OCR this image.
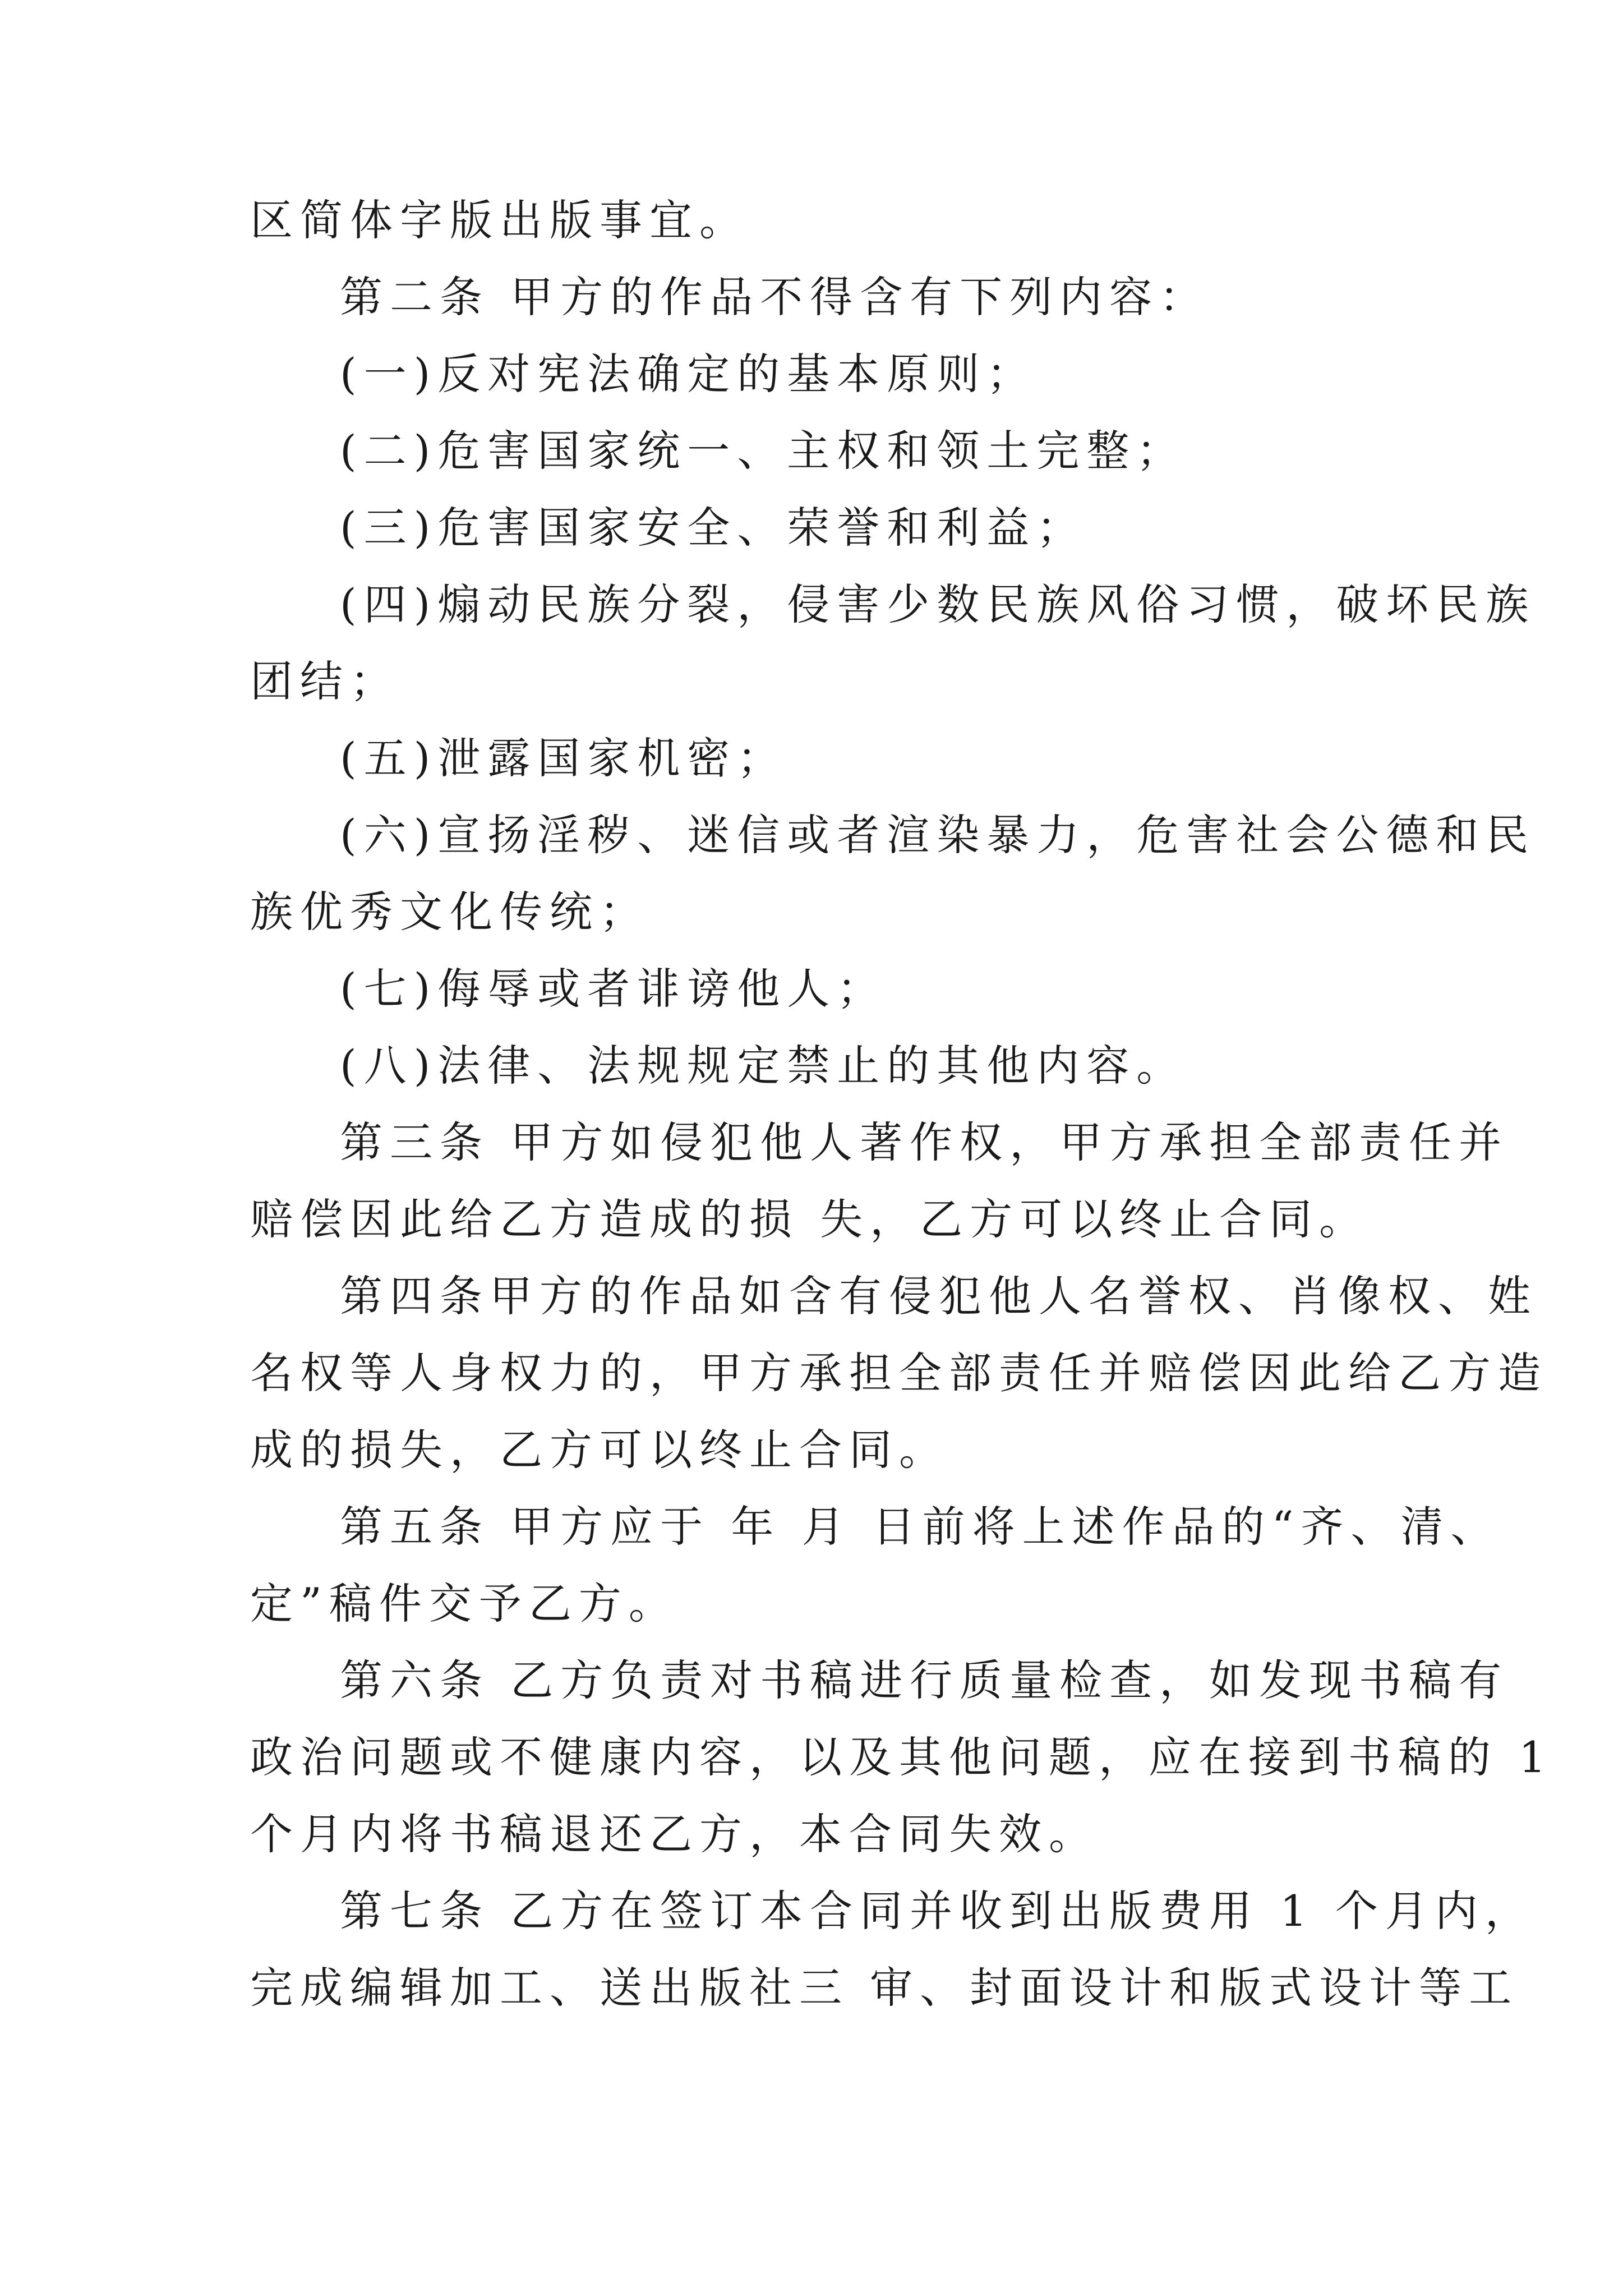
区简体字版出版事宜。
第二条 甲方的作品不得含有下列内容：
(一)反对宪法确定的基本原则；
(二)危害国家统一、主权和领土完整；
(三)危害国家安全、荣誉和利益；
(四)煽动民族分裂，侵害少数民族风俗习惯，破坏民族
团结；
(五)泄露国家机密；
(六)宣扬淫秽、迷信或者渲染暴力，危害社会公德和民
族优秀文化传统；
(七)侮辱或者诽谤他人；
(八)法律、法规规定禁止的其他内容。
第三条 甲方如侵犯他人著作权，甲方承担全部责任并
赔偿因此给乙方造成的损 失，乙方可以终止合同。
第四条甲方的作品如含有侵犯他人名誉权、肖像权、姓
名权等人身权力的，甲方承担全部责任并赔偿因此给乙方造
成的损失，乙方可以终止合同。
第五条 甲方应于 年 月 日前将上述作品的“齐、清、
定”稿件交予乙方。
第六条 乙方负责对书稿进行质量检查，如发现书稿有
政治问题或不健康内容，以及其他问题，应在接到书稿的 1
个月内将书稿退还乙方，本合同失效。
第七条 乙方在签订本合同并收到出版费用 1 个月内，
完成编辑加工、送出版社三 审、封面设计和版式设计等工
